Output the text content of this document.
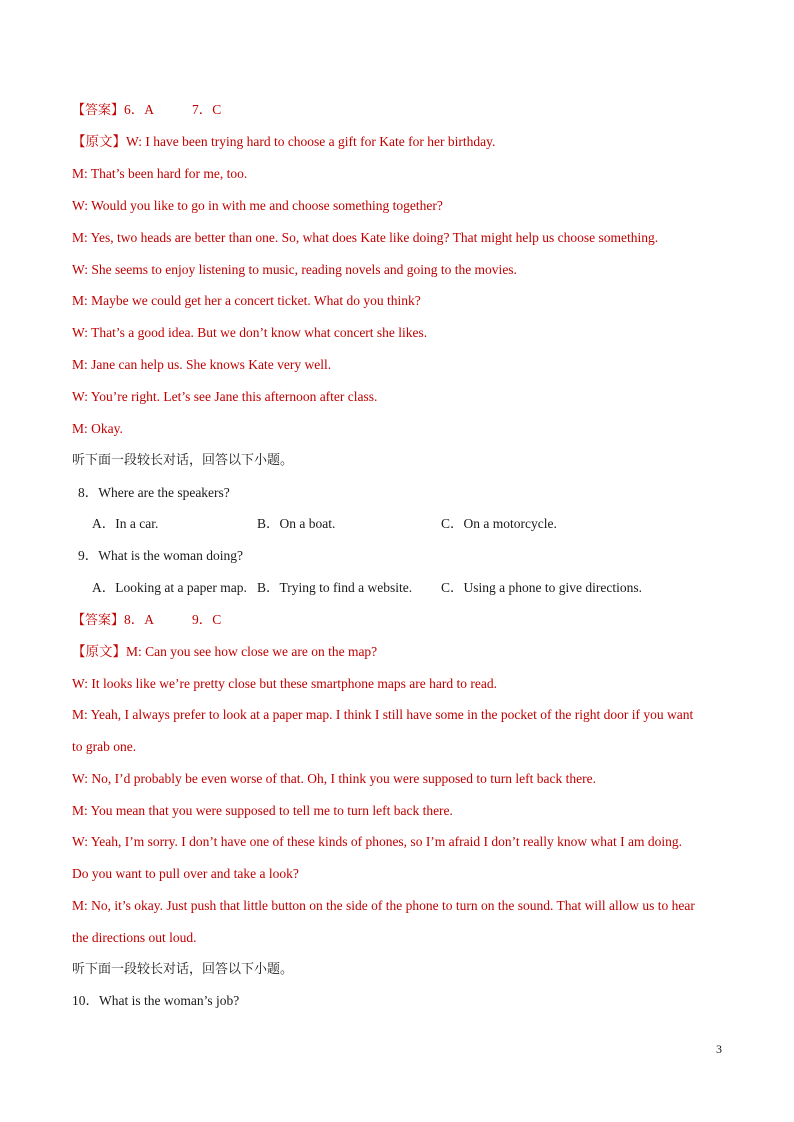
【答案】6．A	7．C
【原文】W: I have been trying hard to choose a gift for Kate for her birthday.
M: That’s been hard for me, too.
W: Would you like to go in with me and choose something together?
M: Yes, two heads are better than one. So, what does Kate like doing? That might help us choose something.
W: She seems to enjoy listening to music, reading novels and going to the movies.
M: Maybe we could get her a concert ticket. What do you think?
W: That’s a good idea. But we don’t know what concert she likes.
M: Jane can help us. She knows Kate very well.
W: You’re right. Let’s see Jane this afternoon after class.
M: Okay.
听下面一段较长对话，回答以下小题。
8．Where are the speakers?
A．In a car.	B．On a boat.	C．On a motorcycle.
9．What is the woman doing?
A．Looking at a paper map. B．Trying to find a website. C．Using a phone to give directions.
【答案】8．A	9．C
【原文】M: Can you see how close we are on the map?
W: It looks like we’re pretty close but these smartphone maps are hard to read.
M: Yeah, I always prefer to look at a paper map. I think I still have some in the pocket of the right door if you want
to grab one.
W: No, I’d probably be even worse of that. Oh, I think you were supposed to turn left back there.
M: You mean that you were supposed to tell me to turn left back there.
W: Yeah, I’m sorry. I don’t have one of these kinds of phones, so I’m afraid I don’t really know what I am doing.
Do you want to pull over and take a look?
M: No, it’s okay. Just push that little button on the side of the phone to turn on the sound. That will allow us to hear
the directions out loud.
听下面一段较长对话，回答以下小题。
10．What is the woman’s job?
3
